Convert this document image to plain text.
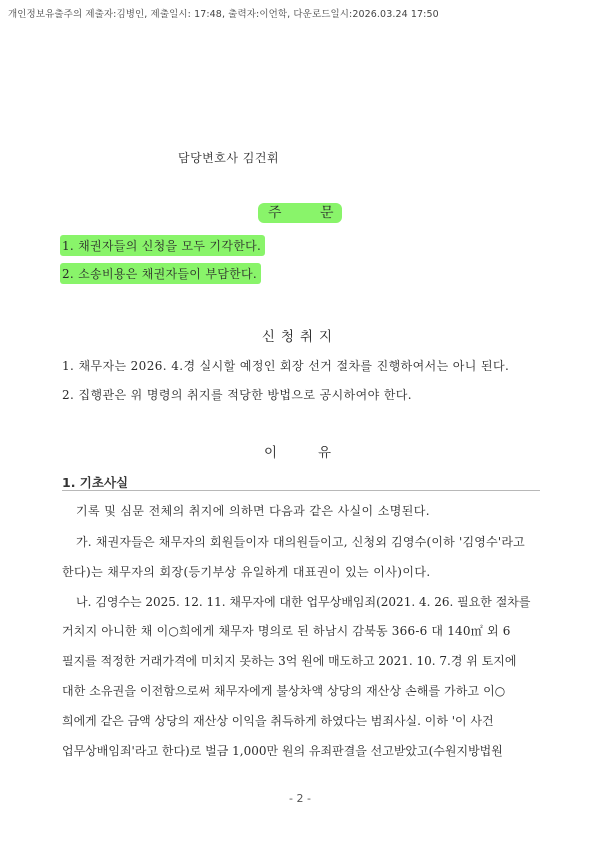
개인정보유출주의 제출자:김병인, 제출일시: 17:48, 출력자:이언학, 다운로드일시:2026.03.24 17:50
담당변호사 김건휘
주	문
1. 채권자들의 신청을 모두 기각한다.
2. 소송비용은 채권자들이 부담한다.
신청취지
1. 채무자는 2026. 4.경 실시할 예정인 회장 선거 절차를 진행하여서는 아니 된다.
2. 집행관은 위 명령의 취지를 적당한 방법으로 공시하여야 한다.
이	유
1. 기초사실
기록 및 심문 전체의 취지에 의하면 다음과 같은 사실이 소명된다.
가. 채권자들은 채무자의 회원들이자 대의원들이고, 신청외 김영수(이하 '김영수'라고
한다)는 채무자의 회장(등기부상 유일하게 대표권이 있는 이사)이다.
나. 김영수는 2025. 12. 11. 채무자에 대한 업무상배임죄(2021. 4. 26. 필요한 절차를
거치지 아니한 채 이○희에게 채무자 명의로 된 하남시 감북동 366-6 대 140㎡ 외 6
필지를 적정한 거래가격에 미치지 못하는 3억 원에 매도하고 2021. 10. 7.경 위 토지에
대한 소유권을 이전함으로써 채무자에게 불상차액 상당의 재산상 손해를 가하고 이○
희에게 같은 금액 상당의 재산상 이익을 취득하게 하였다는 범죄사실. 이하 '이 사건
업무상배임죄'라고 한다)로 벌금 1,000만 원의 유죄판결을 선고받았고(수원지방법원
- 2 -
